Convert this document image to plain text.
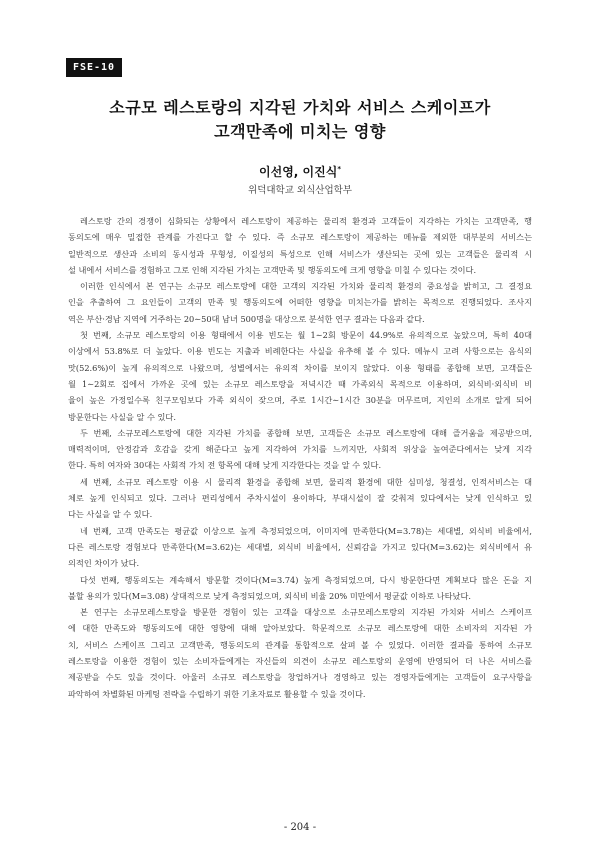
FSE-10
소규모 레스토랑의 지각된 가치와 서비스 스케이프가
고객만족에 미치는 영향
이선영, 이진식*
위덕대학교 외식산업학부
레스토랑 간의 경쟁이 심화되는 상황에서 레스토랑이 제공하는 물리적 환경과 고객들이 지각하는 가치는 고객만족, 행
동의도에 매우 밀접한 관계를 가진다고 할 수 있다. 즉 소규모 레스토랑이 제공하는 메뉴를 제외한 대부분의 서비스는
일반적으로 생산과 소비의 동시성과 무형성, 이질성의 특성으로 인해 서비스가 생산되는 곳에 있는 고객들은 물리적 시
설 내에서 서비스를 경험하고 그로 인해 지각된 가치는 고객만족 및 행동의도에 크게 영향을 미칠 수 있다는 것이다.
이러한 인식에서 본 연구는 소규모 레스토랑에 대한 고객의 지각된 가치와 물리적 환경의 중요성을 밝히고, 그 결정요
인을 추출하여 그 요인들이 고객의 만족 및 행동의도에 어떠한 영향을 미치는가를 밝히는 목적으로 진행되었다. 조사지
역은 부산·경남 지역에 거주하는 20∼50대 남녀 500명을 대상으로 분석한 연구 결과는 다음과 같다.
첫 번째, 소규모 레스토랑의 이용 형태에서 이용 빈도는 월 1∼2회 방문이 44.9%로 유의적으로 높았으며, 특히 40대
이상에서 53.8%로 더 높았다. 이용 빈도는 지출과 비례한다는 사실을 유추해 볼 수 있다. 메뉴시 고려 사항으로는 음식의
맛(52.6%)이 높게 유의적으로 나왔으며, 성별에서는 유의적 차이를 보이지 않았다. 이용 형태를 종합해 보면, 고객들은
월 1∼2회로 집에서 가까운 곳에 있는 소규모 레스토랑을 저녁시간 때 가족외식 목적으로 이용하며, 외식비·외식비 비
율이 높은 가정일수록 친구모임보다 가족 외식이 잦으며, 주로 1시간∼1시간 30분을 머무르며, 지인의 소개로 알게 되어
방문한다는 사실을 알 수 있다.
두 번째, 소규모레스토랑에 대한 지각된 가치를 종합해 보면, 고객들은 소규모 레스토랑에 대해 즐거움을 제공받으며,
매력적이며, 안정감과 호감을 갖게 해준다고 높게 지각하여 가치를 느끼지만, 사회적 위상을 높여준다에서는 낮게 지각
한다. 특히 여자와 30대는 사회적 가치 전 항목에 대해 낮게 지각한다는 것을 알 수 있다.
세 번째, 소규모 레스토랑 이용 시 물리적 환경을 종합해 보면, 물리적 환경에 대한 심미성, 청결성, 인적서비스는 대
체로 높게 인식되고 있다. 그러나 편리성에서 주차시설이 용이하다, 부대시설이 잘 갖춰져 있다에서는 낮게 인식하고 있
다는 사실을 알 수 있다.
네 번째, 고객 만족도는 평균값 이상으로 높게 측정되었으며, 이미지에 만족한다(M=3.78)는 세대별, 외식비 비율에서,
다른 레스토랑 경험보다 만족한다(M=3.62)는 세대별, 외식비 비율에서, 신뢰감을 가지고 있다(M=3.62)는 외식비에서 유
의적인 차이가 났다.
다섯 번째, 행동의도는 계속해서 방문할 것이다(M=3.74) 높게 측정되었으며, 다시 방문한다면 계획보다 많은 돈을 지
불할 용의가 있다(M=3.08) 상대적으로 낮게 측정되었으며, 외식비 비율 20% 미만에서 평균값 이하로 나타났다.
본 연구는 소규모레스토랑을 방문한 경험이 있는 고객을 대상으로 소규모레스토랑의 지각된 가치와 서비스 스케이프
에 대한 만족도와 행동의도에 대한 영향에 대해 알아보았다. 학문적으로 소규모 레스토랑에 대한 소비자의 지각된 가
치, 서비스 스케이프 그리고 고객만족, 행동의도의 관계를 통합적으로 살펴 볼 수 있었다. 이러한 결과를 통하여 소규모
레스토랑을 이용한 경험이 있는 소비자들에게는 자신들의 의견이 소규모 레스토랑의 운영에 반영되어 더 나은 서비스를
제공받을 수도 있을 것이다. 아울러 소규모 레스토랑을 창업하거나 경영하고 있는 경영자들에게는 고객들이 요구사항을
파악하여 차별화된 마케팅 전략을 수립하기 위한 기초자료로 활용할 수 있을 것이다.
- 204 -
